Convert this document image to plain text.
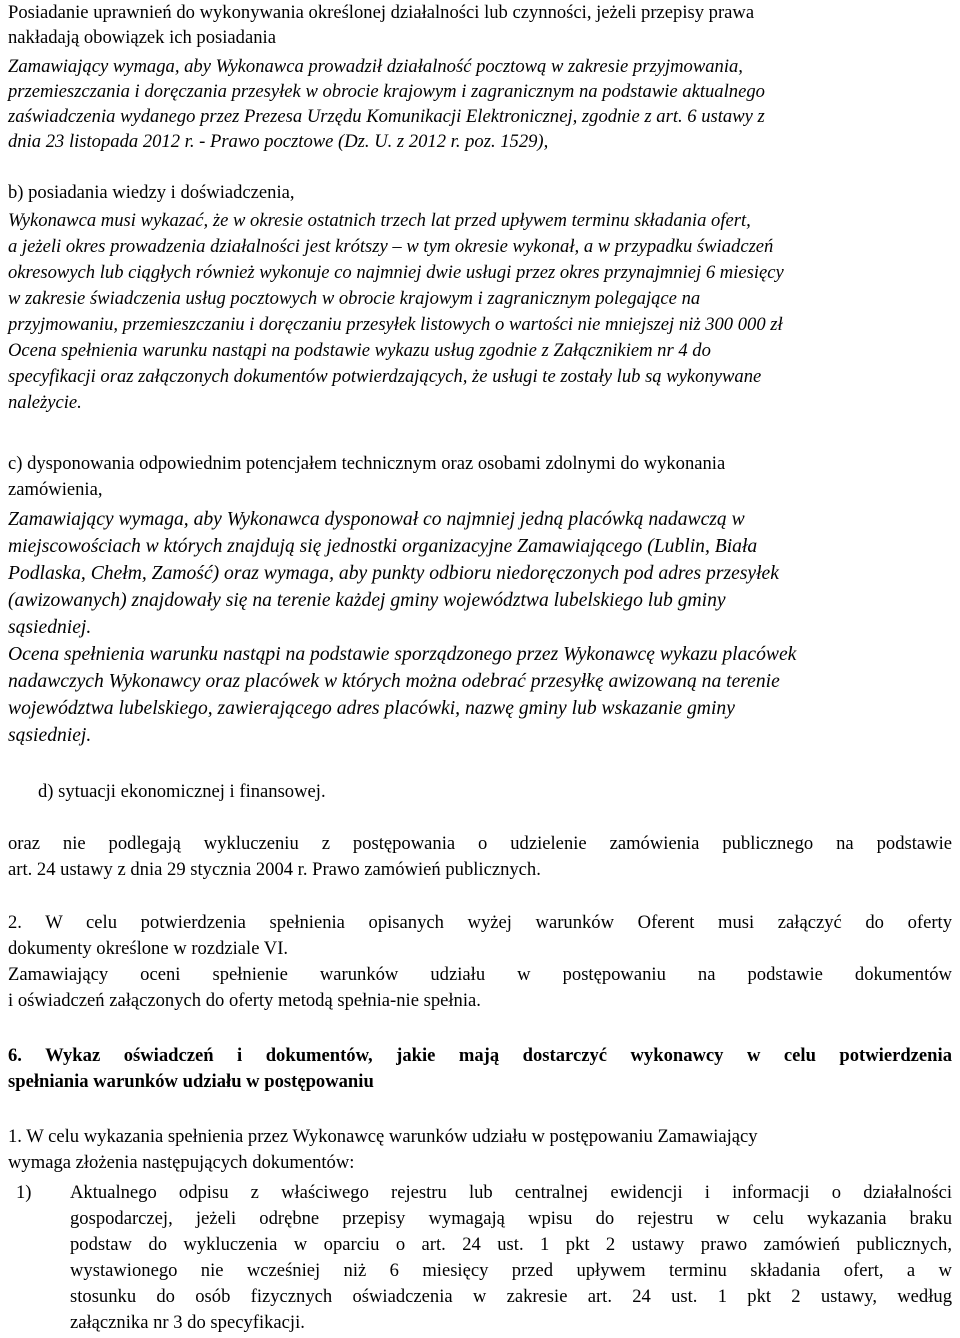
Posiadanie uprawnień do wykonywania określonej działalności lub czynności, jeżeli przepisy prawa
nakładają obowiązek ich posiadania
Zamawiający wymaga, aby Wykonawca prowadził działalność pocztową w zakresie przyjmowania,
przemieszczania i doręczania przesyłek w obrocie krajowym i zagranicznym na podstawie aktualnego
zaświadczenia wydanego przez Prezesa Urzędu Komunikacji Elektronicznej, zgodnie z art. 6 ustawy z
dnia 23 listopada 2012 r. - Prawo pocztowe (Dz. U. z 2012 r. poz. 1529),
b) posiadania wiedzy i doświadczenia,
Wykonawca musi wykazać, że w okresie ostatnich trzech lat przed upływem terminu składania ofert,
a jeżeli okres prowadzenia działalności jest krótszy – w tym okresie wykonał, a w przypadku świadczeń
okresowych lub ciągłych również wykonuje co najmniej dwie usługi przez okres przynajmniej 6 miesięcy
w zakresie świadczenia usług pocztowych w obrocie krajowym i zagranicznym polegające na
przyjmowaniu, przemieszczaniu i doręczaniu przesyłek listowych o wartości nie mniejszej niż 300 000 zł
Ocena spełnienia warunku nastąpi na podstawie wykazu usług zgodnie z Załącznikiem nr 4 do
specyfikacji oraz załączonych dokumentów potwierdzających, że usługi te zostały lub są wykonywane
należycie.
c) dysponowania odpowiednim potencjałem technicznym oraz osobami zdolnymi do wykonania
zamówienia,
Zamawiający wymaga, aby Wykonawca dysponował co najmniej jedną placówką nadawczą w
miejscowościach w których znajdują się jednostki organizacyjne Zamawiającego (Lublin, Biała
Podlaska, Chełm, Zamość) oraz wymaga, aby punkty odbioru niedoręczonych pod adres przesyłek
(awizowanych) znajdowały się na terenie każdej gminy województwa lubelskiego lub gminy
sąsiedniej.
Ocena spełnienia warunku nastąpi na podstawie sporządzonego przez Wykonawcę wykazu placówek
nadawczych Wykonawcy oraz placówek w których można odebrać przesyłkę awizowaną na terenie
województwa lubelskiego, zawierającego adres placówki, nazwę gminy lub wskazanie gminy
sąsiedniej.
d) sytuacji ekonomicznej i finansowej.
oraz nie podlegają wykluczeniu z postępowania o udzielenie zamówienia publicznego na podstawie
art. 24 ustawy z dnia 29 stycznia 2004 r. Prawo zamówień publicznych.
2. W celu potwierdzenia spełnienia opisanych wyżej warunków Oferent musi załączyć do oferty
dokumenty określone w rozdziale VI.
Zamawiający oceni spełnienie warunków udziału w postępowaniu na podstawie dokumentów
i oświadczeń załączonych do oferty metodą spełnia-nie spełnia.
6. Wykaz oświadczeń i dokumentów, jakie mają dostarczyć wykonawcy w celu potwierdzenia
spełniania warunków udziału w postępowaniu
1. W celu wykazania spełnienia przez Wykonawcę warunków udziału w postępowaniu Zamawiający
wymaga złożenia następujących dokumentów:
1) Aktualnego odpisu z właściwego rejestru lub centralnej ewidencji i informacji o działalności
gospodarczej, jeżeli odrębne przepisy wymagają wpisu do rejestru w celu wykazania braku
podstaw do wykluczenia w oparciu o art. 24 ust. 1 pkt 2 ustawy prawo zamówień publicznych,
wystawionego nie wcześniej niż 6 miesięcy przed upływem terminu składania ofert, a w
stosunku do osób fizycznych oświadczenia w zakresie art. 24 ust. 1 pkt 2 ustawy, według
załącznika nr 3 do specyfikacji.
